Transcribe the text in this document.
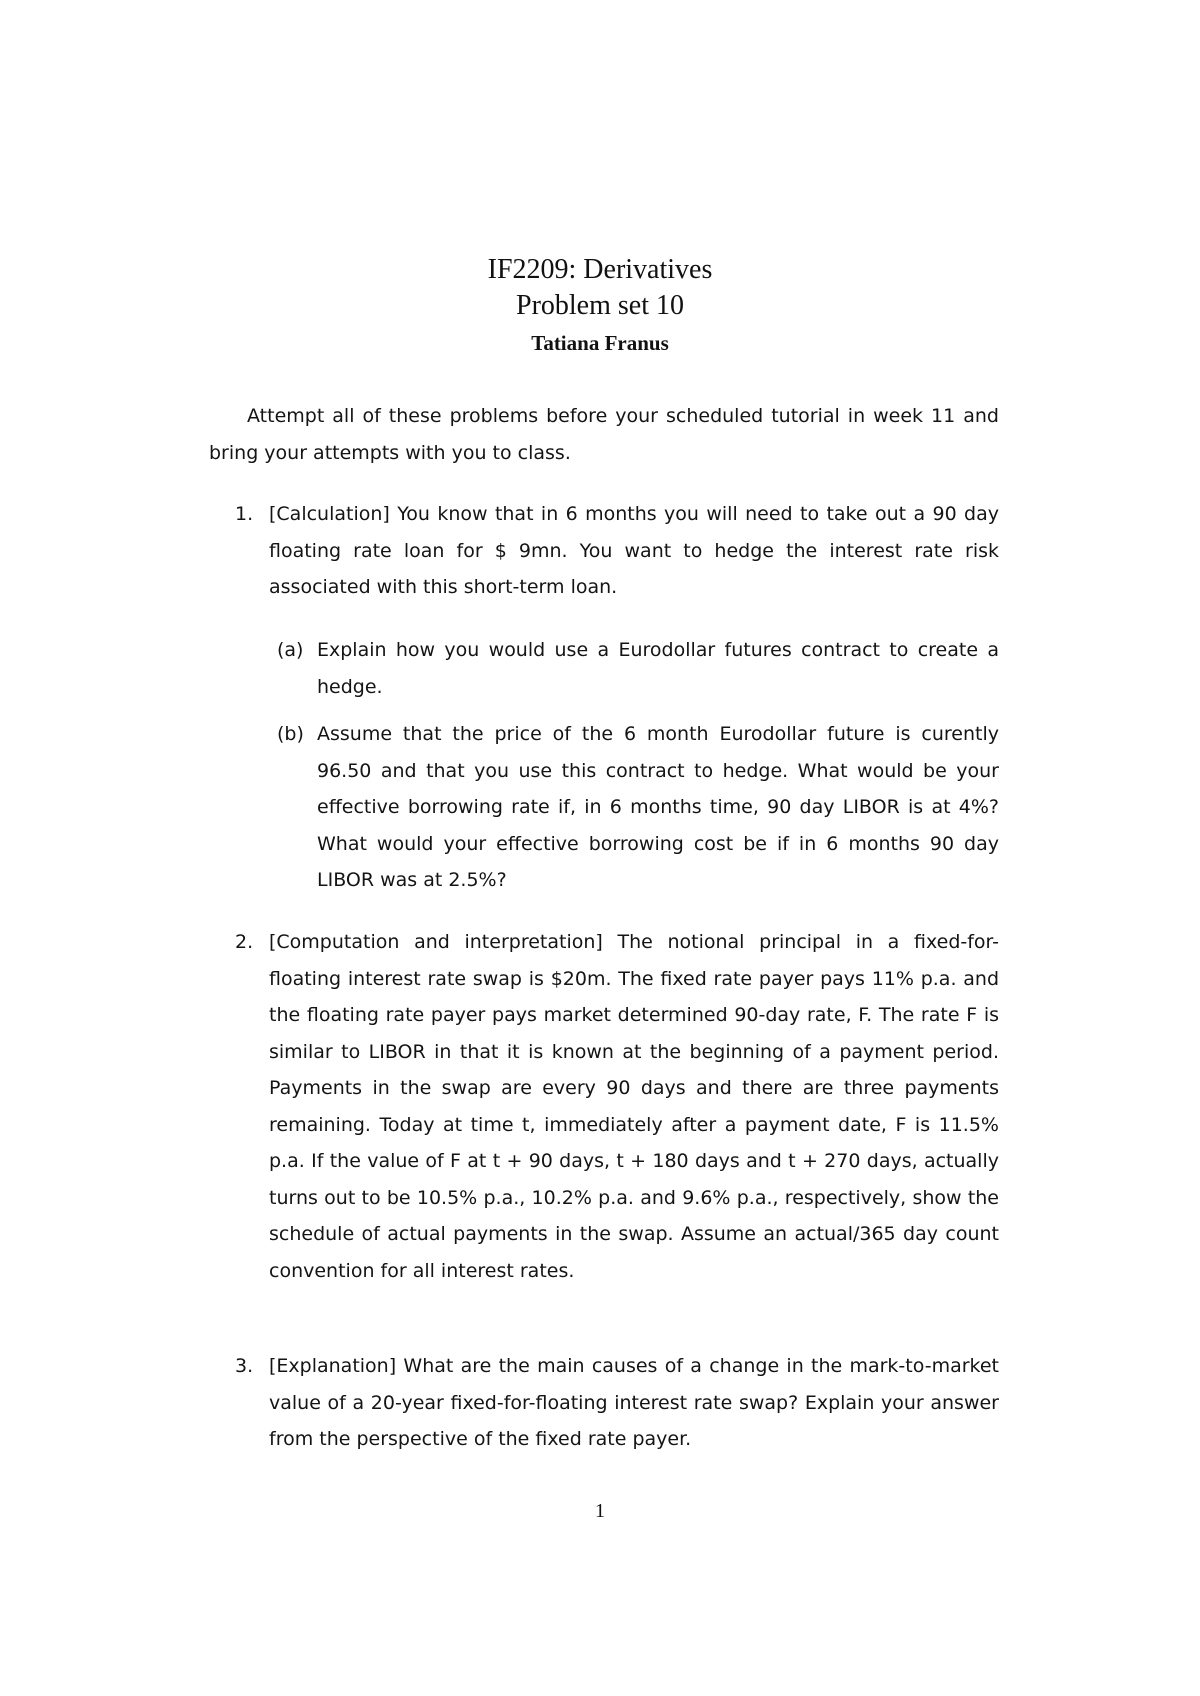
IF2209: Derivatives
Problem set 10
Tatiana Franus
Attempt all of these problems before your scheduled tutorial in week 11 and bring your attempts with you to class.
1. [Calculation] You know that in 6 months you will need to take out a 90 day floating rate loan for $ 9mn. You want to hedge the interest rate risk associated with this short-term loan.
(a) Explain how you would use a Eurodollar futures contract to create a hedge.
(b) Assume that the price of the 6 month Eurodollar future is curently 96.50 and that you use this contract to hedge. What would be your effective borrowing rate if, in 6 months time, 90 day LIBOR is at 4%? What would your effective borrowing cost be if in 6 months 90 day LIBOR was at 2.5%?
2. [Computation and interpretation] The notional principal in a fixed-for-floating interest rate swap is $20m. The fixed rate payer pays 11% p.a. and the floating rate payer pays market determined 90-day rate, F. The rate F is similar to LIBOR in that it is known at the beginning of a payment period. Payments in the swap are every 90 days and there are three payments remaining. Today at time t, immediately after a payment date, F is 11.5% p.a. If the value of F at t + 90 days, t + 180 days and t + 270 days, actually turns out to be 10.5% p.a., 10.2% p.a. and 9.6% p.a., respectively, show the schedule of actual payments in the swap. Assume an actual/365 day count convention for all interest rates.
3. [Explanation] What are the main causes of a change in the mark-to-market value of a 20-year fixed-for-floating interest rate swap? Explain your answer from the perspective of the fixed rate payer.
1
